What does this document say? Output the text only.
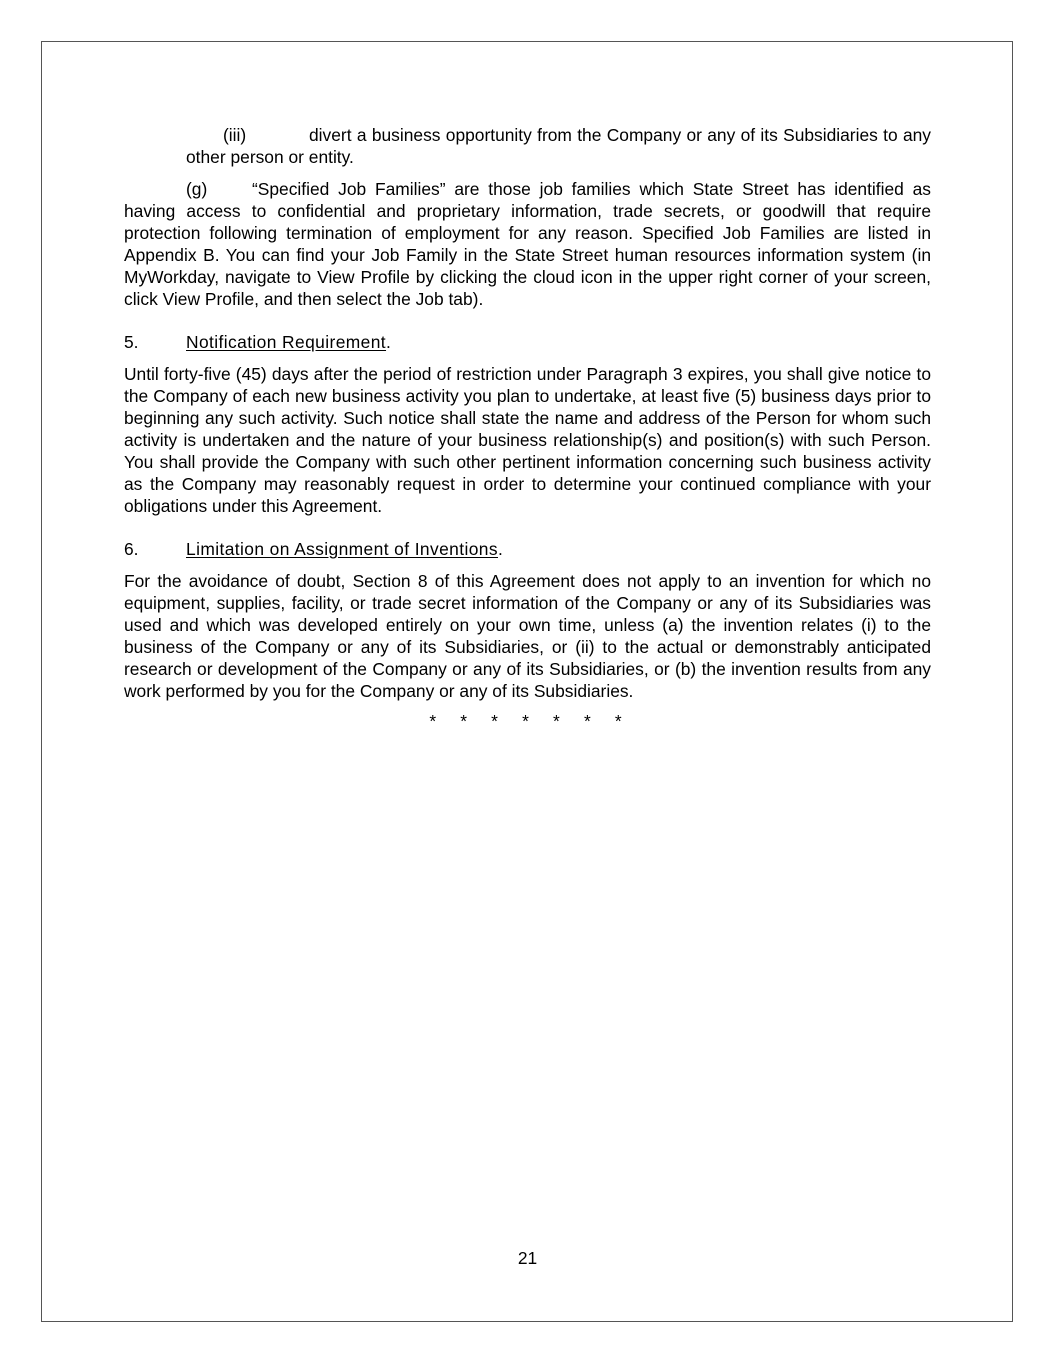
(iii)	divert a business opportunity from the Company or any of its Subsidiaries to any other person or entity.

(g)	“Specified Job Families” are those job families which State Street has identified as having access to confidential and proprietary information, trade secrets, or goodwill that require protection following termination of employment for any reason. Specified Job Families are listed in Appendix B. You can find your Job Family in the State Street human resources information system (in MyWorkday, navigate to View Profile by clicking the cloud icon in the upper right corner of your screen, click View Profile, and then select the Job tab).

5.	Notification Requirement.

Until forty-five (45) days after the period of restriction under Paragraph 3 expires, you shall give notice to the Company of each new business activity you plan to undertake, at least five (5) business days prior to beginning any such activity. Such notice shall state the name and address of the Person for whom such activity is undertaken and the nature of your business relationship(s) and position(s) with such Person. You shall provide the Company with such other pertinent information concerning such business activity as the Company may reasonably request in order to determine your continued compliance with your obligations under this Agreement.

6.	Limitation on Assignment of Inventions.

For the avoidance of doubt, Section 8 of this Agreement does not apply to an invention for which no equipment, supplies, facility, or trade secret information of the Company or any of its Subsidiaries was used and which was developed entirely on your own time, unless (a) the invention relates (i) to the business of the Company or any of its Subsidiaries, or (ii) to the actual or demonstrably anticipated research or development of the Company or any of its Subsidiaries, or (b) the invention results from any work performed by you for the Company or any of its Subsidiaries.

*     *     *     *     *     *     *
21
